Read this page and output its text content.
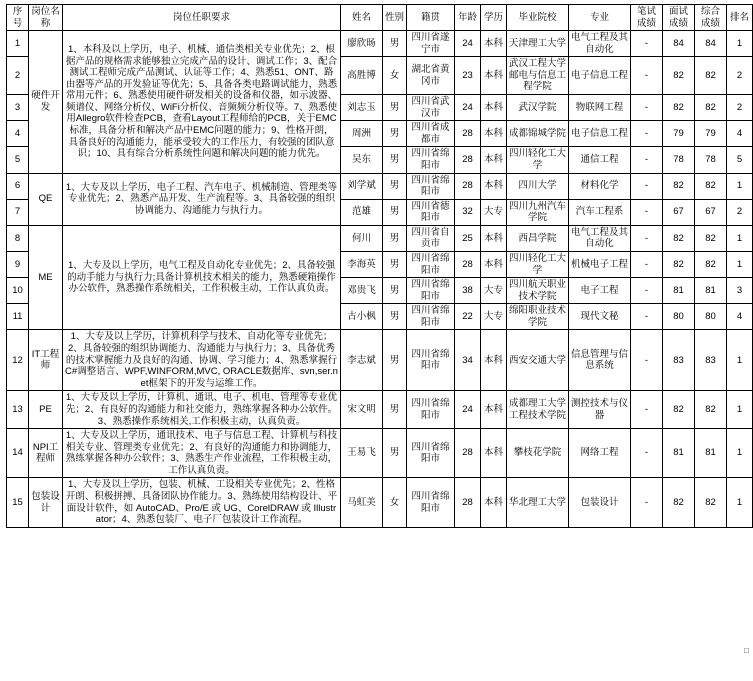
序号	岗位名称	岗位任职要求	姓名	性别	籍贯	年龄	学历	毕业院校	专业	笔试成绩	面试成绩	综合成绩	排名
1	硬件开发	1、本科及以上学历，电子、机械、通信类相关专业优先；2、根据产品的规格需求能够独立完成产品的设计、调试工作；3、配合测试工程师完成产品测试、认证等工作；4、熟悉51、ONT、路由器等产品的开发验证等优先；5、具备各类电路调试能力，熟悉常用元件；6、熟悉使用硬件研发相关的设备和仪器，如示波器、频谱仪、网络分析仪、WiFi分析仪、音频频分析仪等。7、熟悉使用Allegro软件检查PCB，查看Layout工程师给的PCB，关于EMC标准，具备分析和解决产品中EMC问题的能力；9、性格开朗，具备良好的沟通能力，能承受较大的工作压力，有较强的团队意识；10、具有综合分析系统性问题和解决问题的能力优先。	廖欣旸	男	四川省遂宁市	24	本科	天津理工大学	电气工程及其自动化	-	84	84	1
2			高胜博	女	湖北省黄冈市	23	本科	武汉工程大学邮电与信息工程学院	电子信息工程	-	82	82	2
3			刘志玉	男	四川省武汉市	24	本科	武汉学院	物联网工程	-	82	82	2
4			周洲	男	四川省成都市	28	本科	成都锦城学院	电子信息工程	-	79	79	4
5			吴东	男	四川省绵阳市	28	本科	四川轻化工大学	通信工程	-	78	78	5
6	QE	1、大专及以上学历，电子工程、汽车电子、机械制造、管理类等专业优先；2、熟悉产品开发、生产流程等。3、具备较强的组织协调能力、沟通能力与执行力。	刘学斌	男	四川省绵阳市	28	本科	四川大学	材料化学	-	82	82	1
7			范雄	男	四川省德阳市	32	大专	四川九州汽车学院	汽车工程系	-	67	67	2
8	ME	1、大专及以上学历，电气工程及自动化专业优先；2、具备较强的动手能力与执行力;具备计算机技术相关的能力，熟悉硬箱操作办公软件，熟悉操作系统相关，工作积极主动，工作认真负责。	何川	男	四川省自贡市	25	本科	西昌学院	电气工程及其自动化	-	82	82	1
9			李海英	男	四川省绵阳市	28	本科	四川轻化工大学	机械电子工程	-	82	82	1
10			邓贵飞	男	四川省绵阳市	38	大专	四川航天职业技术学院	电子工程	-	81	81	3
11			古小枫	男	四川省绵阳市	22	大专	绵阳职业技术学院	现代文秘	-	80	80	4
12	IT工程师	1、大专及以上学历，计算机科学与技术、自动化等专业优先；2、具备较强的组织协调能力、沟通能力与执行力；3、具备优秀的技术掌握能力及良好的沟通、协调、学习能力；4、熟悉掌握行C#调整语言、WPF,WINFORM,MVC, ORACLE数据库、svn,ser.net框架下的开发与运维工作。	李志斌	男	四川省绵阳市	34	本科	西安交通大学	信息管理与信息系统	-	83	83	1
13	PE	1、大专及以上学历，计算机、通讯、电子、机电、管理等专业优先；2、有良好的沟通能力和社交能力，熟练掌握各种办公软件。3、熟悉操作系统相关,工作积极主动，认真负责。	宋文明	男	四川省绵阳市	24	本科	成都理工大学工程技术学院	测控技术与仪器	-	82	82	1
14	NPI工程师	1、大专及以上学历，通讯技术、电子与信息工程、计算机与科技相关专业、管理类专业优先；2、有良好的沟通能力和协调能力，熟练掌握各种办公软件；3、熟悉生产作业流程，工作积极主动，工作认真负责。	王易飞	男	四川省绵阳市	28	本科	攀枝花学院	网络工程	-	81	81	1
15	包装设计	1、大专及以上学历，包装、机械、工设相关专业优先；2、性格开朗、积极拼搏、具备团队协作能力。3、熟练使用结构设计、平面设计软件，如 AutoCAD、Pro/E 或 UG、CorelDRAW 或 Illustrator；4、熟悉包装厂、电子厂包装设计工作流程。	马虹美	女	四川省绵阳市	28	本科	华北理工大学	包装设计	-	82	82	1
□
